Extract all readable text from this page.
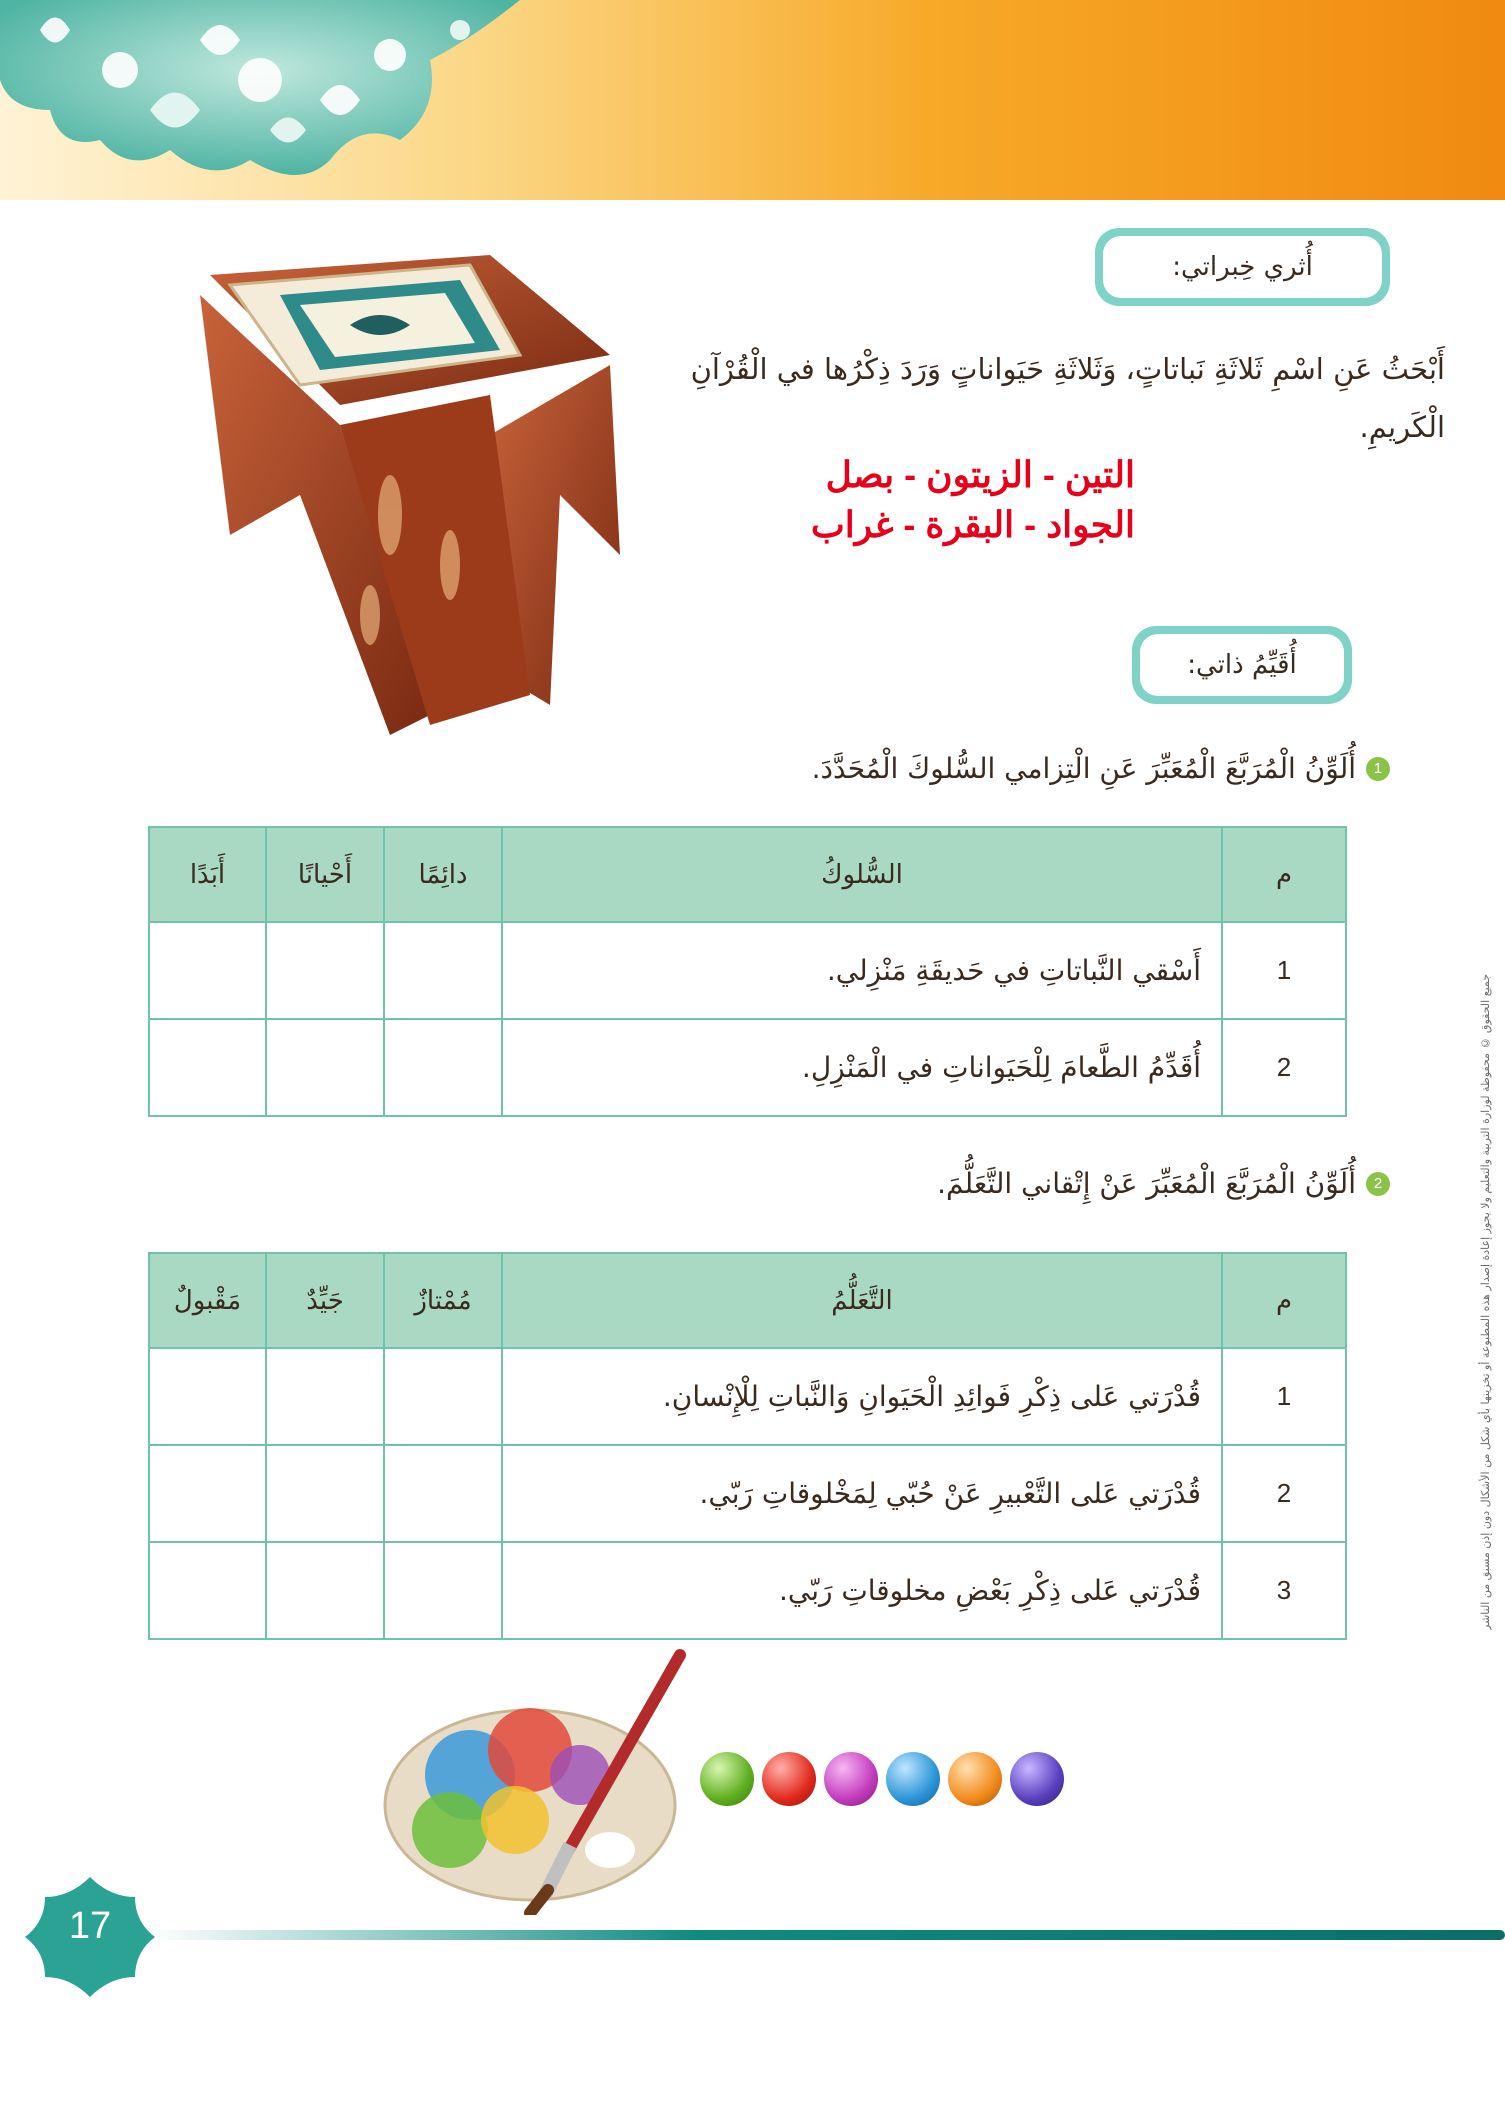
جميع الحقوق © محفوظة لوزارة التربية والتعليم ولا يجوز إعادة إصدار هذه المطبوعة أو تخزينها بأي شكل من الأشكال دون إذن مسبق من الناشر
أُثري خِبراتي:
أَبْحَثُ عَنِ اسْمِ ثَلاثَةِ نَباتاتٍ، وَثَلاثَةِ حَيَواناتٍ وَرَدَ ذِكْرُها في الْقُرْآنِ الْكَريمِ.
التين - الزيتون - بصل
الجواد - البقرة - غراب
أُقَيِّمُ ذاتي:
1
أُلَوِّنُ الْمُرَبَّعَ الْمُعَبِّرَ عَنِ الْتِزامي السُّلوكَ الْمُحَدَّدَ.
م	السُّلوكُ	دائِمًا	أَحْيانًا	أَبَدًا
1	أَسْقي النَّباتاتِ في حَديقَةِ مَنْزِلي.			
2	أُقَدِّمُ الطَّعامَ لِلْحَيَواناتِ في الْمَنْزِلِ.			
2
أُلَوِّنُ الْمُرَبَّعَ الْمُعَبِّرَ عَنْ إِتْقاني التَّعَلُّمَ.
م	التَّعَلُّمُ	مُمْتازٌ	جَيِّدٌ	مَقْبولٌ
1	قُدْرَتي عَلى ذِكْرِ فَوائِدِ الْحَيَوانِ وَالنَّباتِ لِلْإِنْسانِ.			
2	قُدْرَتي عَلى التَّعْبيرِ عَنْ حُبّي لِمَخْلوقاتِ رَبّي.			
3	قُدْرَتي عَلى ذِكْرِ بَعْضِ مخلوقاتِ رَبّي.			
17
